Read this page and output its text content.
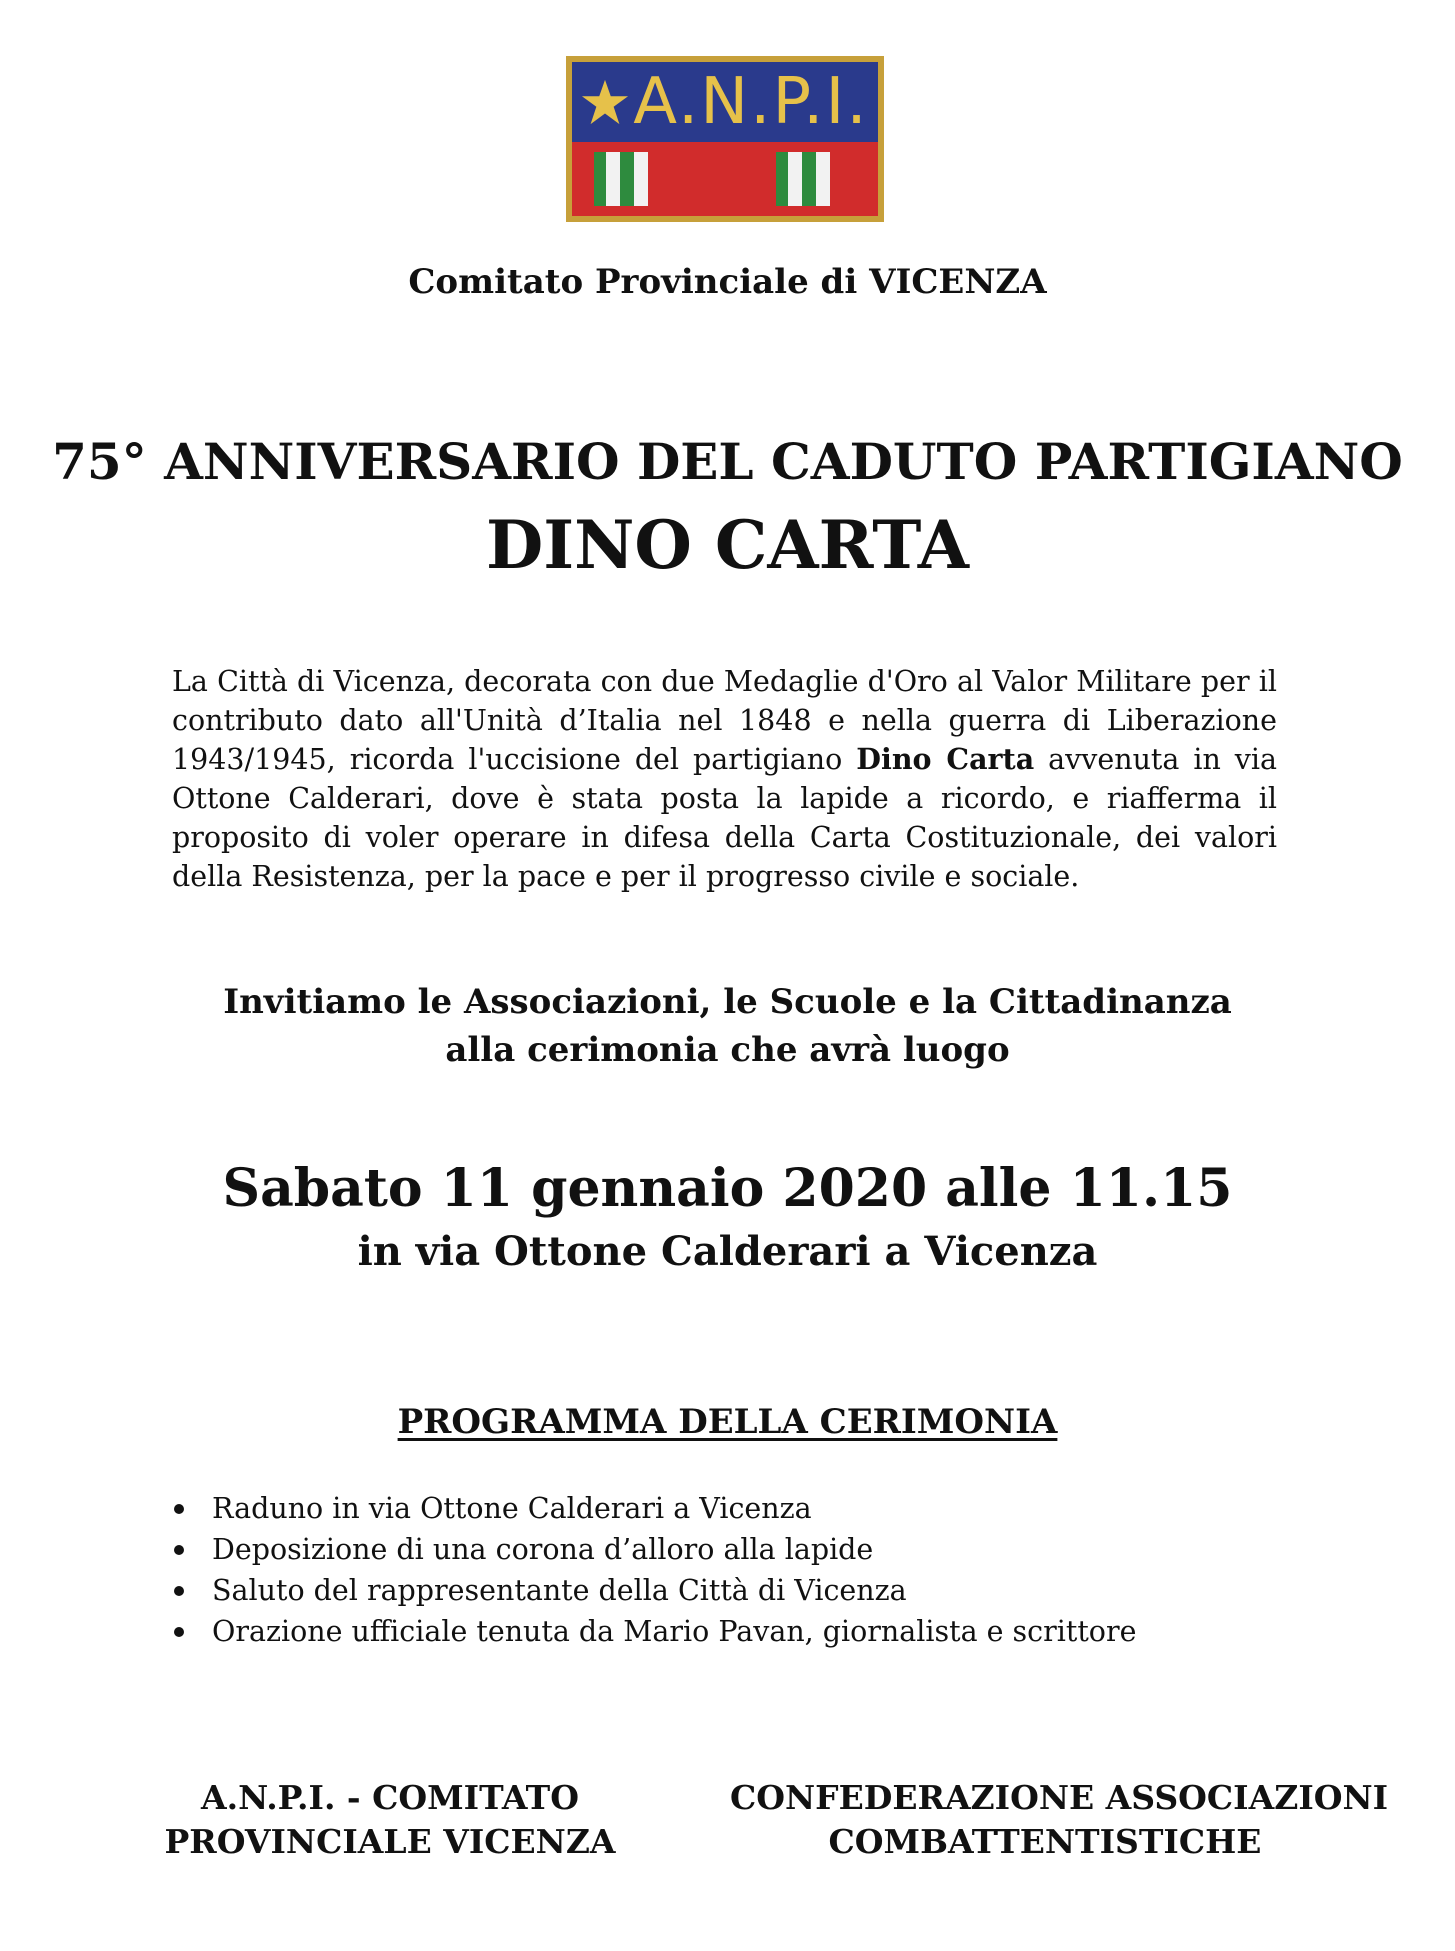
A.N.P.I.
Comitato Provinciale di VICENZA
75° ANNIVERSARIO DEL CADUTO PARTIGIANO
DINO CARTA

La Città di Vicenza, decorata con due Medaglie d'Oro al Valor Militare per il contributo dato all'Unità d’Italia nel 1848 e nella guerra di Liberazione 1943/1945, ricorda l'uccisione del partigiano Dino Carta avvenuta in via Ottone Calderari, dove è stata posta la lapide a ricordo, e riafferma il proposito di voler operare in difesa della Carta Costituzionale, dei valori della Resistenza, per la pace e per il progresso civile e sociale.

Invitiamo le Associazioni, le Scuole e la Cittadinanza
alla cerimonia che avrà luogo
Sabato 11 gennaio 2020 alle 11.15
in via Ottone Calderari a Vicenza
PROGRAMMA DELLA CERIMONIA
Raduno in via Ottone Calderari a Vicenza
Deposizione di una corona d’alloro alla lapide
Saluto del rappresentante della Città di Vicenza
Orazione ufficiale tenuta da Mario Pavan, giornalista e scrittore
A.N.P.I. - COMITATO
PROVINCIALE VICENZA
CONFEDERAZIONE ASSOCIAZIONI
COMBATTENTISTICHE
